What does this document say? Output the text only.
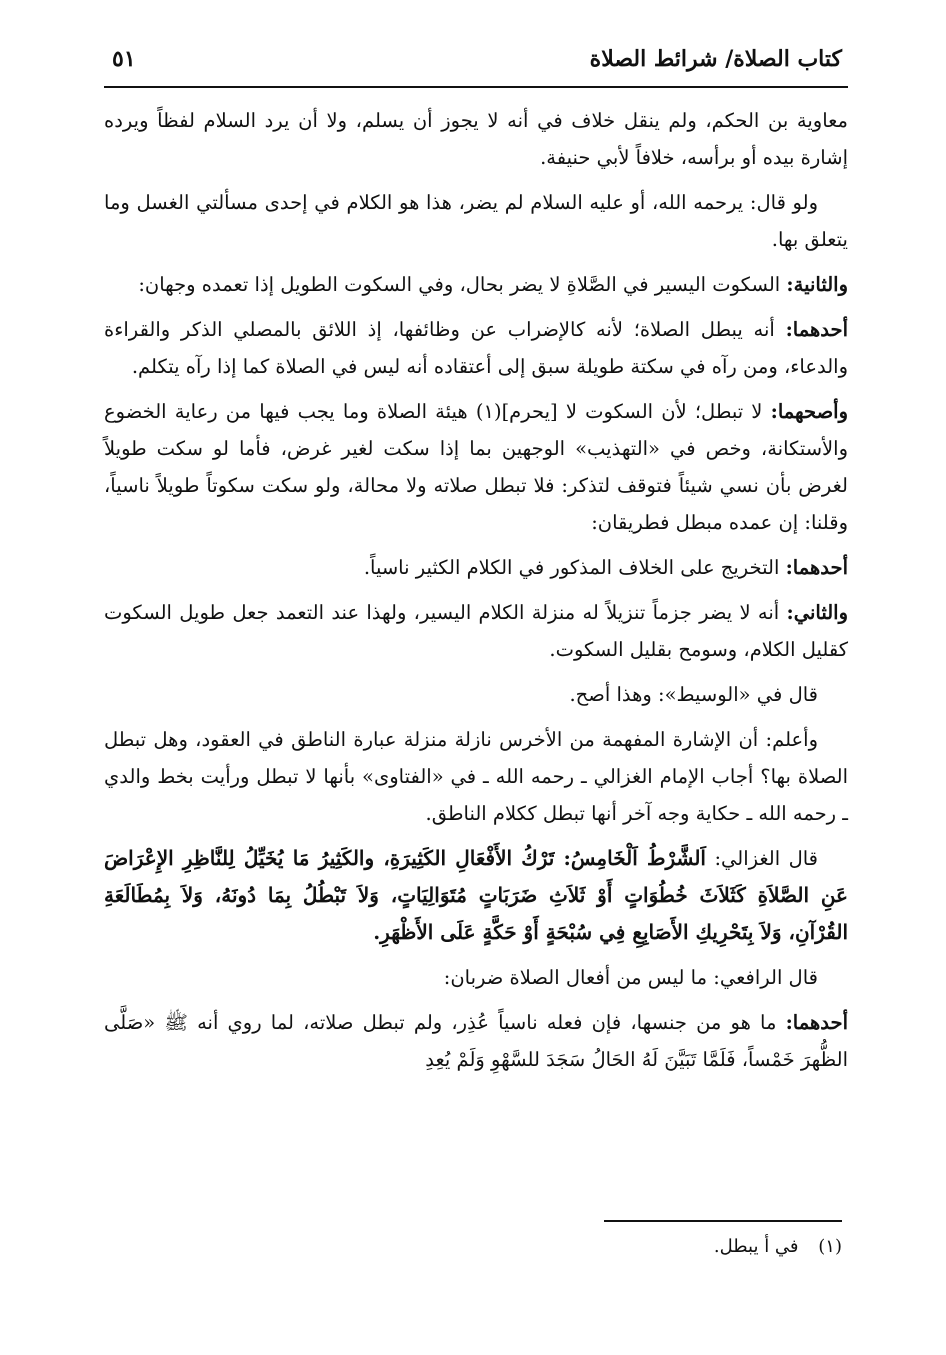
كتاب الصلاة/ شرائط الصلاة
٥١

معاوية بن الحكم، ولم ينقل خلاف في أنه لا يجوز أن يسلم، ولا أن يرد السلام لفظاً ويرده إشارة بيده أو برأسه، خلافاً لأبي حنيفة.

ولو قال: يرحمه الله، أو عليه السلام لم يضر، هذا هو الكلام في إحدى مسألتي الغسل وما يتعلق بها.

والثانية: السكوت اليسير في الصَّلاةِ لا يضر بحال، وفي السكوت الطويل إذا تعمده وجهان:

أحدهما: أنه يبطل الصلاة؛ لأنه كالإضراب عن وظائفها، إذ اللائق بالمصلي الذكر والقراءة والدعاء، ومن رآه في سكتة طويلة سبق إلى أعتقاده أنه ليس في الصلاة كما إذا رآه يتكلم.

وأصحهما: لا تبطل؛ لأن السكوت لا [يحرم](١) هيئة الصلاة وما يجب فيها من رعاية الخضوع والأستكانة، وخص في «التهذيب» الوجهين بما إذا سكت لغير غرض، فأما لو سكت طويلاً لغرض بأن نسي شيئاً فتوقف لتذكر: فلا تبطل صلاته ولا محالة، ولو سكت سكوتاً طويلاً ناسياً، وقلنا: إن عمده مبطل فطريقان:

أحدهما: التخريج على الخلاف المذكور في الكلام الكثير ناسياً.

والثاني: أنه لا يضر جزماً تنزيلاً له منزلة الكلام اليسير، ولهذا عند التعمد جعل طويل السكوت كقليل الكلام، وسومح بقليل السكوت.

قال في «الوسيط»: وهذا أصح.

وأعلم: أن الإشارة المفهمة من الأخرس نازلة منزلة عبارة الناطق في العقود، وهل تبطل الصلاة بها؟ أجاب الإمام الغزالي ـ رحمه الله ـ في «الفتاوى» بأنها لا تبطل ورأيت بخط والدي ـ رحمه الله ـ حكاية وجه آخر أنها تبطل ككلام الناطق.

قال الغزالي: اَلشَّرْطُ اَلْخَامِسُ: تَرْكُ الأَفْعَالِ الكَثِيرَةِ، والكَثِيرُ مَا يُخَيِّلُ لِلنَّاظِرِ الإِعْرَاضَ عَنِ الصَّلاَةِ كَثَلاَثَ خُطُوَاتٍ أَوْ ثَلاَثِ ضَرَبَاتٍ مُتَوَالِيَاتٍ، وَلاَ تَبْطُلُ بِمَا دُونَهُ، وَلاَ بِمُطَالَعَةِ القُرْآنِ، وَلاَ بِتَحْرِيكِ الأَصَابِعِ فِي سُبْحَةٍ أَوْ حَكَّةٍ عَلَى الأَظْهَرِ.

قال الرافعي: ما ليس من أفعال الصلاة ضربان:

أحدهما: ما هو من جنسها، فإن فعله ناسياً عُذِر، ولم تبطل صلاته، لما روي أنه ﷺ «صَلَّى الظُّهرَ خَمْساً، فَلَمَّا تَبَيَّنَ لَهُ الحَالُ سَجَدَ للسَّهْوِ وَلَمْ يُعِدِ

(١) في أ يبطل.
